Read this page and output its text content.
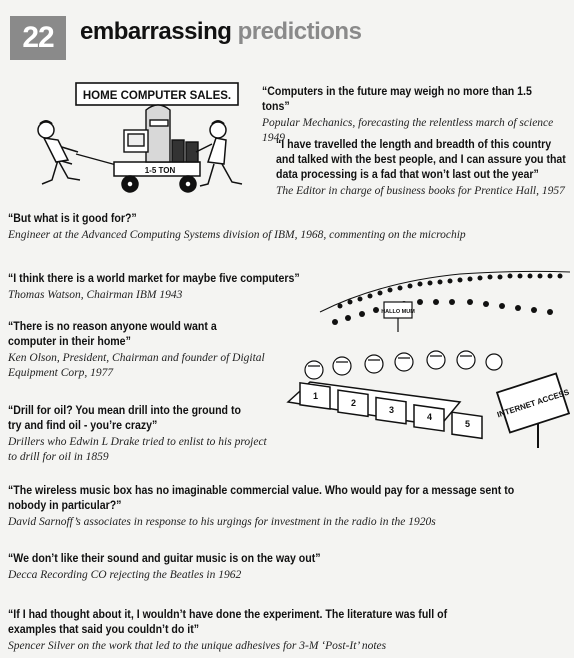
22	embarrassing predictions
HOME COMPUTER SALES.
1-5 TON
HALLO MUM
1
2
3
4
5
INTERNET ACCESS
“Computers in the future may weigh no more than 1.5 tons”
Popular Mechanics, forecasting the relentless march of science 1949
“I have travelled the length and breadth of this country and talked with the best people, and I can assure you that data processing is a fad that won’t last out the year”
The Editor in charge of business books for Prentice Hall, 1957
“But what is it good for?”
Engineer at the Advanced Computing Systems division of IBM, 1968, commenting on the microchip
“I think there is a world market for maybe five computers”
Thomas Watson, Chairman IBM 1943
“There is no reason anyone would want a computer in their home”
Ken Olson, President, Chairman and founder of Digital Equipment Corp, 1977
“Drill for oil? You mean drill into the ground to try and find oil - you’re crazy”
Drillers who Edwin L Drake tried to enlist to his project to drill for oil in 1859
“The wireless music box has no imaginable commercial value. Who would pay for a message sent to nobody in particular?”
David Sarnoff’s associates in response to his urgings for investment in the radio in the 1920s
“We don’t like their sound and guitar music is on the way out”
Decca Recording CO rejecting the Beatles in 1962
“If I had thought about it, I wouldn’t have done the experiment. The literature was full of examples that said you couldn’t do it”
Spencer Silver on the work that led to the unique adhesives for 3-M ‘Post-It’ notes
